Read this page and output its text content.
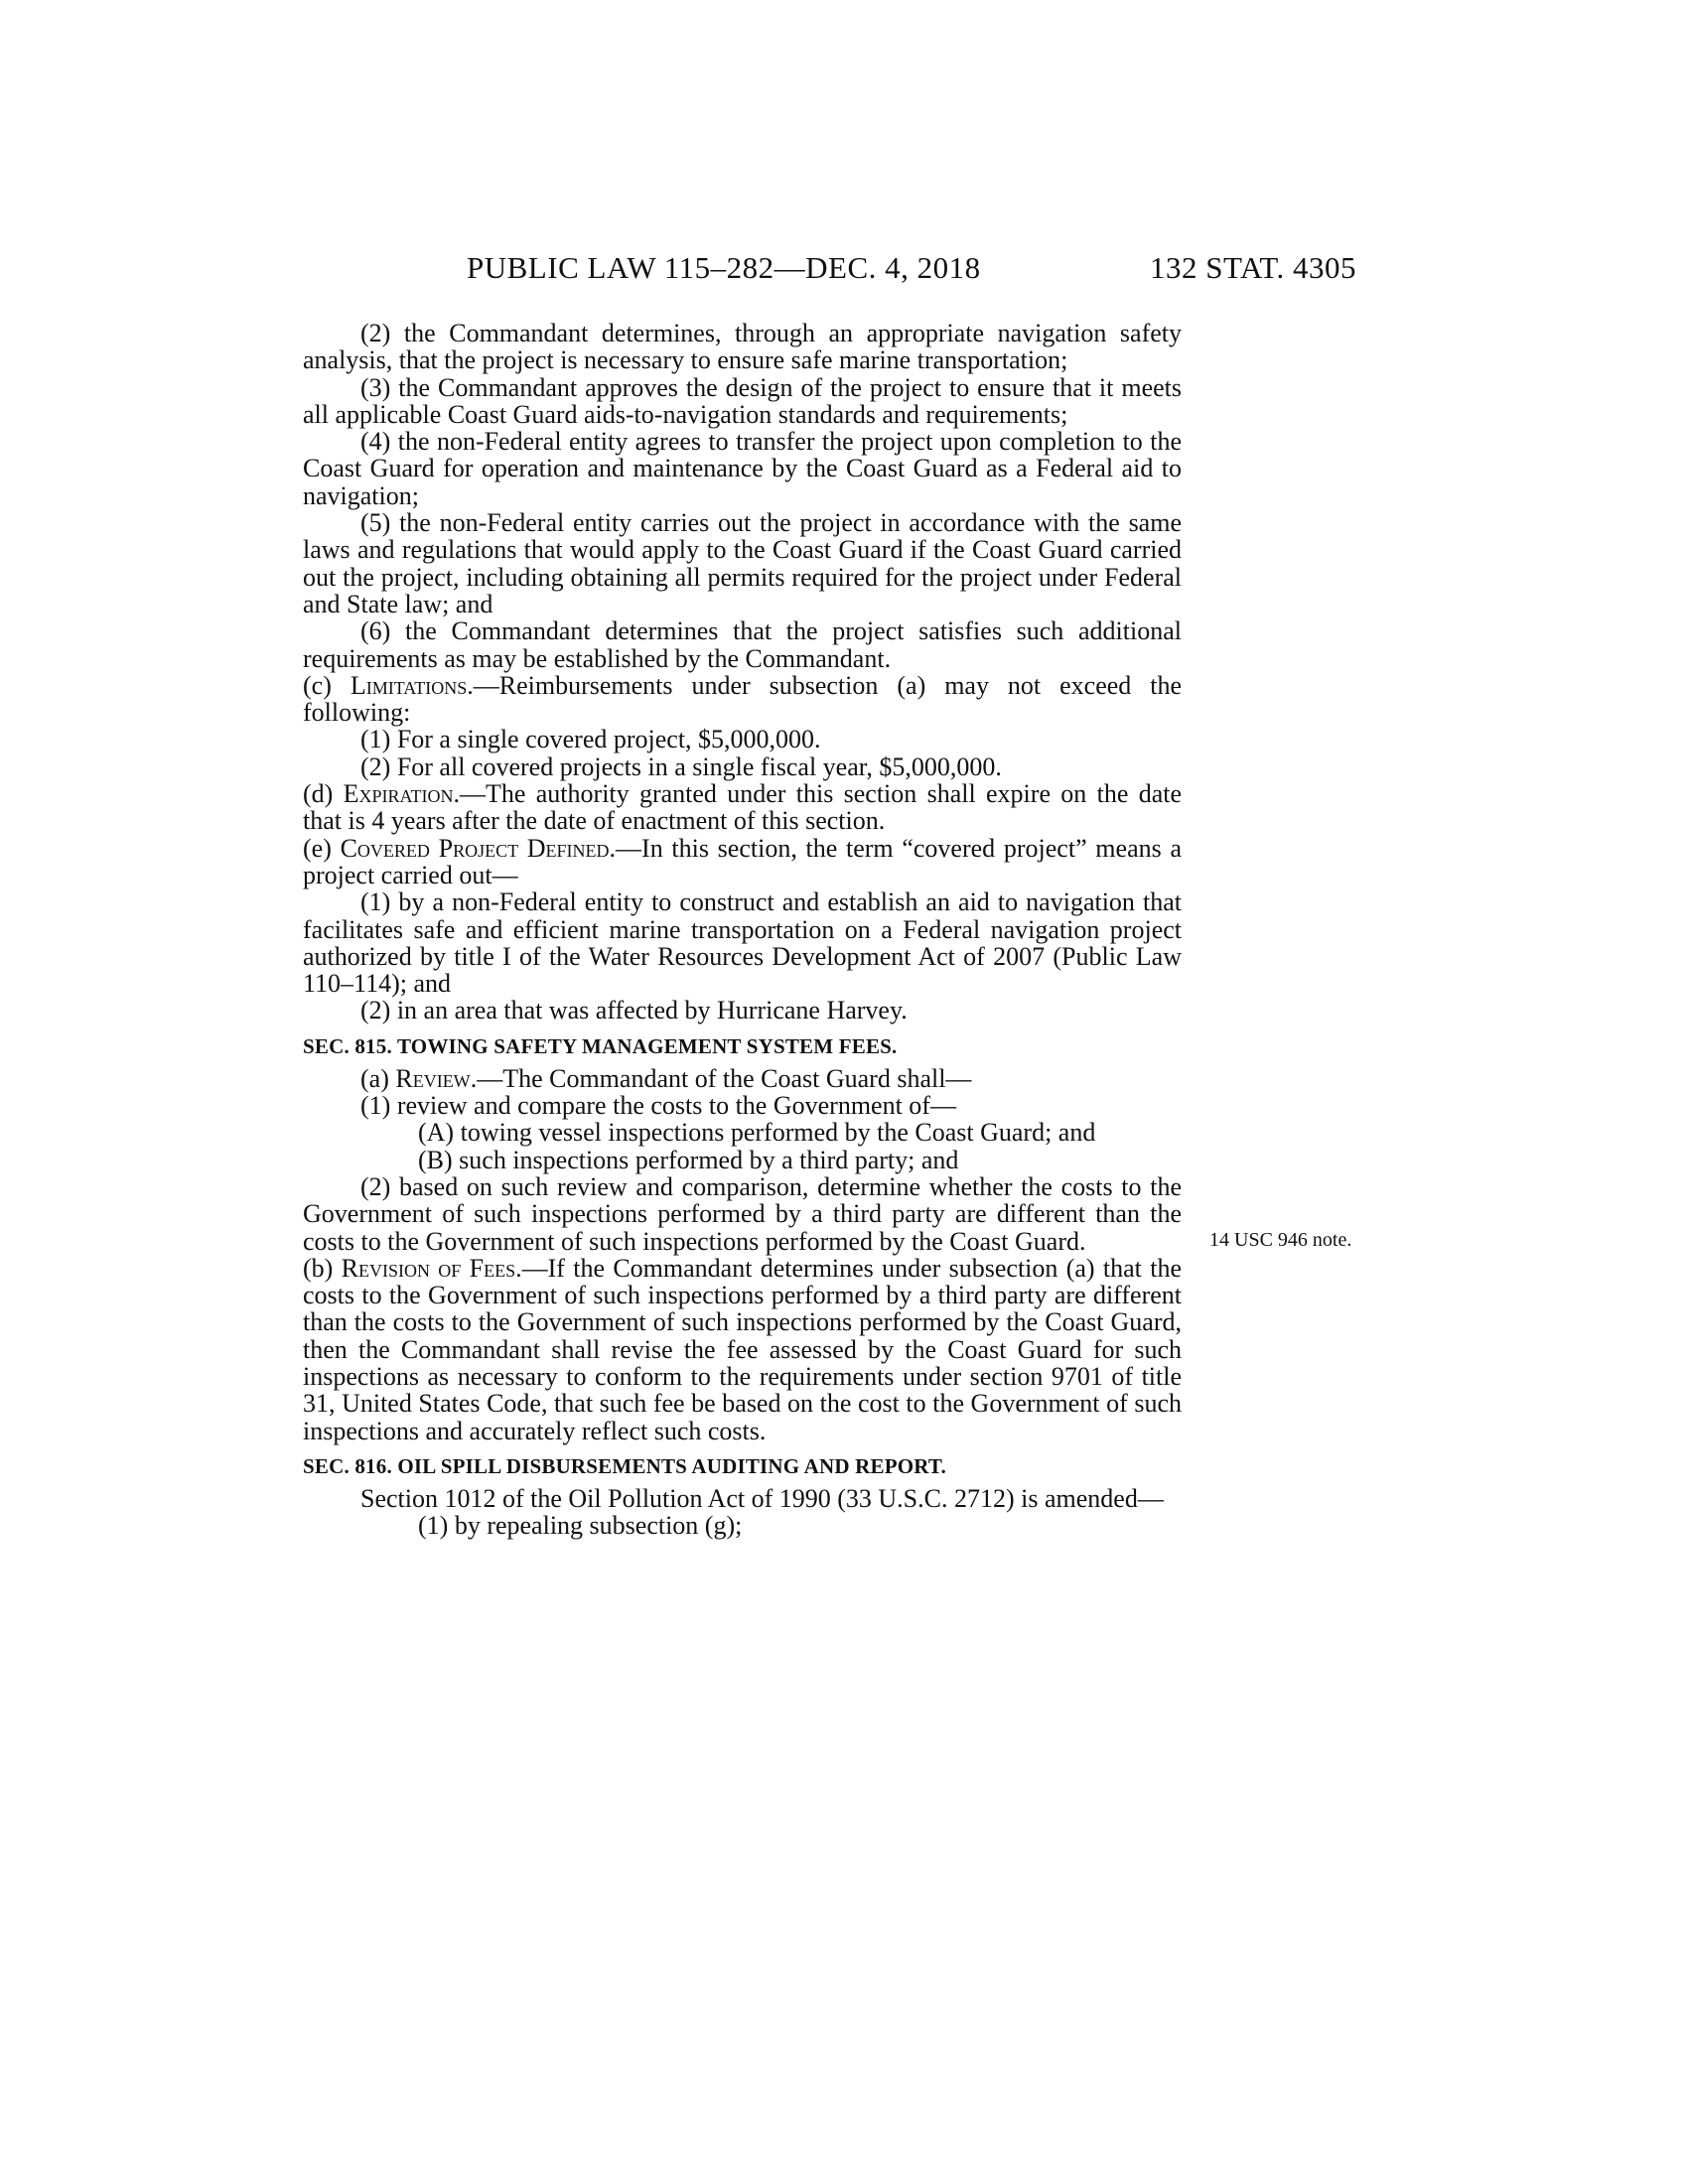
PUBLIC LAW 115–282—DEC. 4, 2018	132 STAT. 4305
14 USC 946 note.

(2) the Commandant determines, through an appropriate navigation safety analysis, that the project is necessary to ensure safe marine transportation;

(3) the Commandant approves the design of the project to ensure that it meets all applicable Coast Guard aids-to-navigation standards and requirements;

(4) the non-Federal entity agrees to transfer the project upon completion to the Coast Guard for operation and maintenance by the Coast Guard as a Federal aid to navigation;

(5) the non-Federal entity carries out the project in accordance with the same laws and regulations that would apply to the Coast Guard if the Coast Guard carried out the project, including obtaining all permits required for the project under Federal and State law; and

(6) the Commandant determines that the project satisfies such additional requirements as may be established by the Commandant.

(c) Limitations.—Reimbursements under subsection (a) may not exceed the following:

(1) For a single covered project, $5,000,000.

(2) For all covered projects in a single fiscal year, $5,000,000.

(d) Expiration.—The authority granted under this section shall expire on the date that is 4 years after the date of enactment of this section.

(e) Covered Project Defined.—In this section, the term “covered project” means a project carried out—

(1) by a non-Federal entity to construct and establish an aid to navigation that facilitates safe and efficient marine transportation on a Federal navigation project authorized by title I of the Water Resources Development Act of 2007 (Public Law 110–114); and

(2) in an area that was affected by Hurricane Harvey.

SEC. 815. TOWING SAFETY MANAGEMENT SYSTEM FEES.

(a) Review.—The Commandant of the Coast Guard shall—

(1) review and compare the costs to the Government of—

(A) towing vessel inspections performed by the Coast Guard; and

(B) such inspections performed by a third party; and

(2) based on such review and comparison, determine whether the costs to the Government of such inspections performed by a third party are different than the costs to the Government of such inspections performed by the Coast Guard.

(b) Revision of Fees.—If the Commandant determines under subsection (a) that the costs to the Government of such inspections performed by a third party are different than the costs to the Government of such inspections performed by the Coast Guard, then the Commandant shall revise the fee assessed by the Coast Guard for such inspections as necessary to conform to the requirements under section 9701 of title 31, United States Code, that such fee be based on the cost to the Government of such inspections and accurately reflect such costs.

SEC. 816. OIL SPILL DISBURSEMENTS AUDITING AND REPORT.

Section 1012 of the Oil Pollution Act of 1990 (33 U.S.C. 2712) is amended—

(1) by repealing subsection (g);
